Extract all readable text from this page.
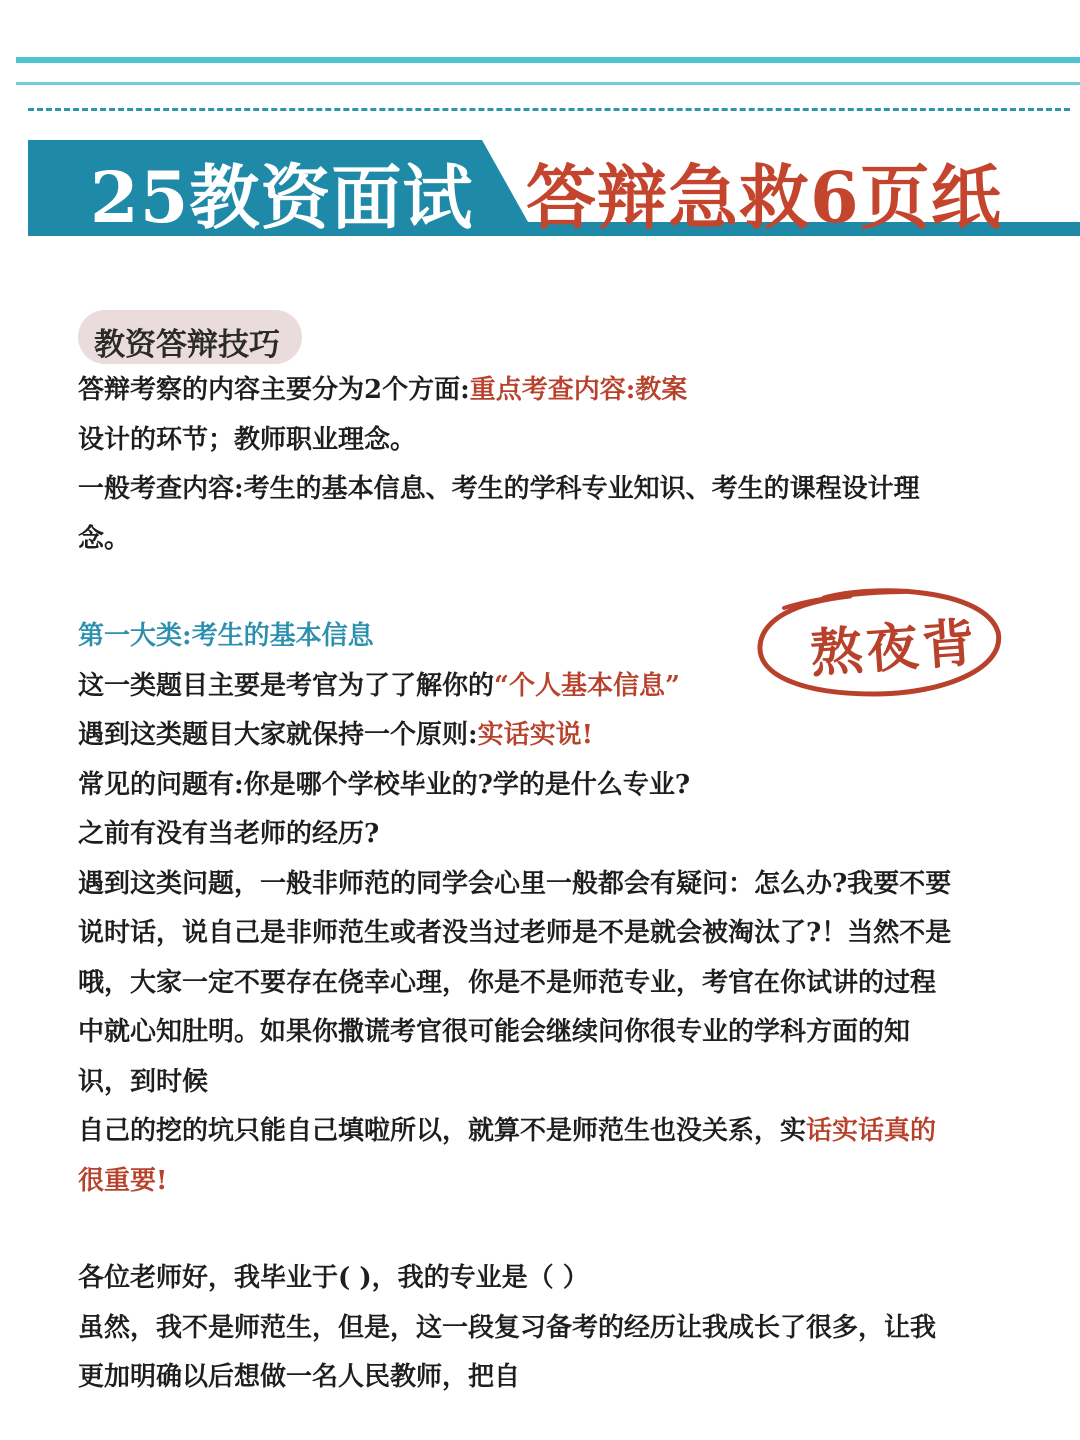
25教资面试 答辩急救6页纸
教资答辩技巧

答辩考察的内容主要分为2个方面:重点考查内容:教案

设计的环节；教师职业理念。

一般考查内容:考生的基本信息、考生的学科专业知识、考生的课程设计理

念。

熬夜背

第一大类:考生的基本信息

这一类题目主要是考官为了了解你的“个人基本信息”

遇到这类题目大家就保持一个原则:实话实说!

常见的问题有:你是哪个学校毕业的?学的是什么专业?

之前有没有当老师的经历?

遇到这类问题，一般非师范的同学会心里一般都会有疑问：怎么办?我要不要

说时话，说自己是非师范生或者没当过老师是不是就会被淘汰了?！当然不是

哦，大家一定不要存在侥幸心理，你是不是师范专业，考官在你试讲的过程

中就心知肚明。如果你撒谎考官很可能会继续问你很专业的学科方面的知

识，到时候

自己的挖的坑只能自己填啦所以，就算不是师范生也没关系，实话实话真的

很重要!

各位老师好，我毕业于( )，我的专业是（ ）

虽然，我不是师范生，但是，这一段复习备考的经历让我成长了很多，让我

更加明确以后想做一名人民教师，把自
